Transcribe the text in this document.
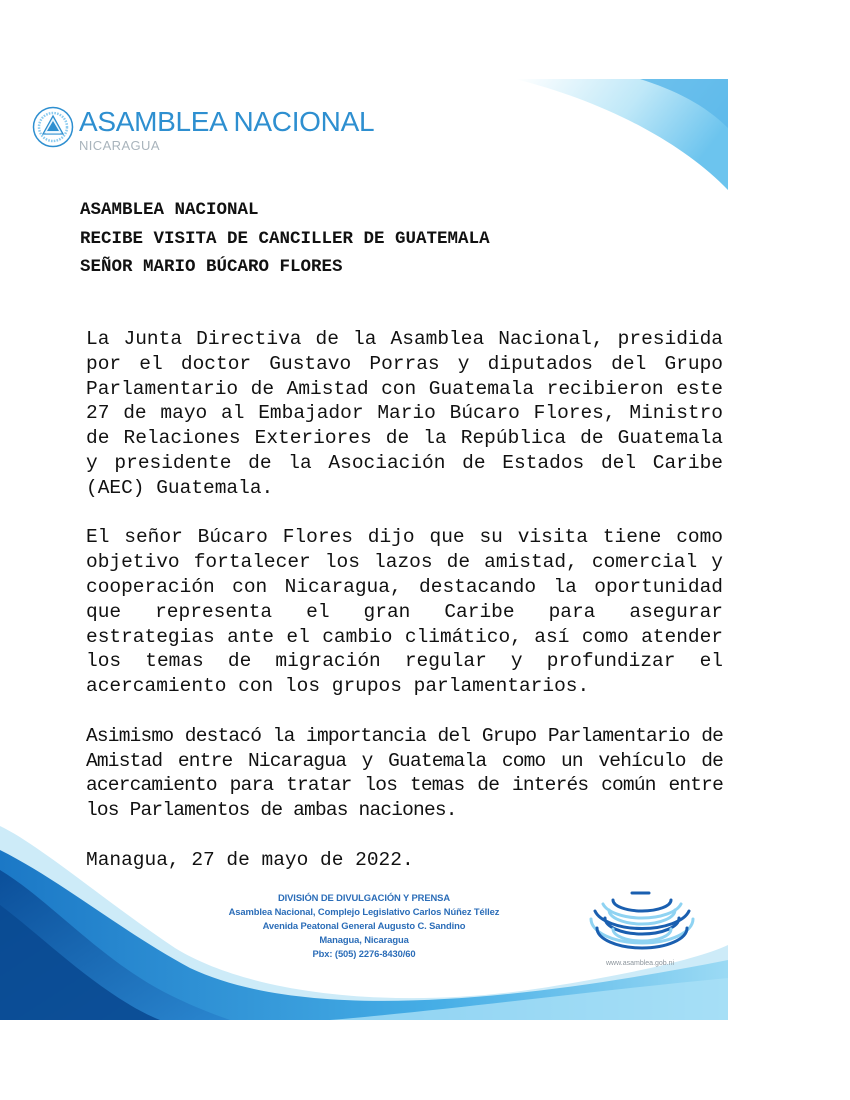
ASAMBLEA NACIONAL
NICARAGUA
ASAMBLEA NACIONAL
RECIBE VISITA DE CANCILLER DE GUATEMALA
SEÑOR MARIO BÚCARO FLORES

La Junta Directiva de la Asamblea Nacional, presidida por el doctor Gustavo Porras y diputados del Grupo Parlamentario de Amistad con Guatemala recibieron este 27 de mayo al Embajador Mario Búcaro Flores, Ministro de Relaciones Exteriores de la República de Guatemala y presidente de la Asociación de Estados del Caribe (AEC) Guatemala.

El señor Búcaro Flores dijo que su visita tiene como objetivo fortalecer los lazos de amistad, comercial y cooperación con Nicaragua, destacando la oportunidad que representa el gran Caribe para asegurar estrategias ante el cambio climático, así como atender los temas de migración regular y profundizar el acercamiento con los grupos parlamentarios.

Asimismo destacó la importancia del Grupo Parlamentario de Amistad entre Nicaragua y Guatemala como un vehículo de acercamiento para tratar los temas de interés común entre los Parlamentos de ambas naciones.

Managua, 27 de mayo de 2022.

DIVISIÓN DE DIVULGACIÓN Y PRENSA
Asamblea Nacional, Complejo Legislativo Carlos Núñez Téllez
Avenida Peatonal General Augusto C. Sandino
Managua, Nicaragua
Pbx: (505) 2276-8430/60
www.asamblea.gob.ni
